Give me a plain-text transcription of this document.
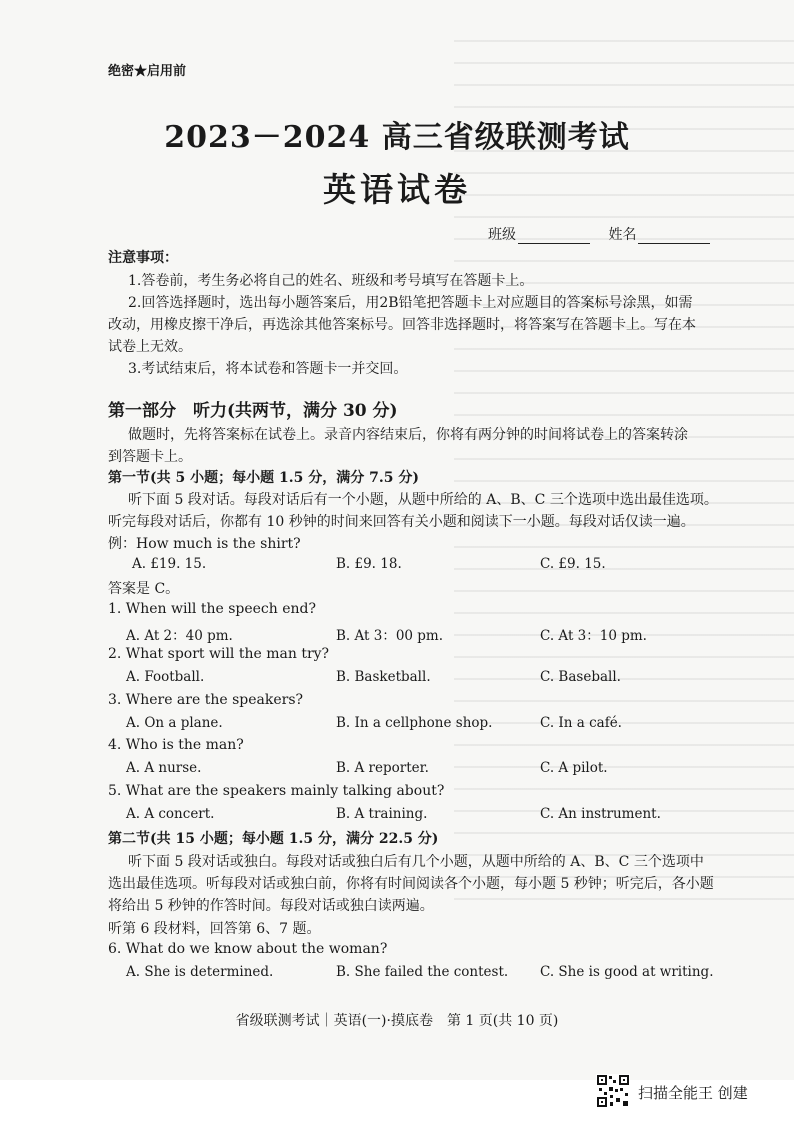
绝密★启用前
2023－2024 高三省级联测考试
英语试卷
班级	姓名
注意事项：
1.答卷前，考生务必将自己的姓名、班级和考号填写在答题卡上。
2.回答选择题时，选出每小题答案后，用2B铅笔把答题卡上对应题目的答案标号涂黑，如需
改动，用橡皮擦干净后，再选涂其他答案标号。回答非选择题时，将答案写在答题卡上。写在本
试卷上无效。
3.考试结束后，将本试卷和答题卡一并交回。
第一部分　听力(共两节，满分 30 分)
做题时，先将答案标在试卷上。录音内容结束后，你将有两分钟的时间将试卷上的答案转涂
到答题卡上。
第一节(共 5 小题；每小题 1.5 分，满分 7.5 分)
听下面 5 段对话。每段对话后有一个小题，从题中所给的 A、B、C 三个选项中选出最佳选项。
听完每段对话后，你都有 10 秒钟的时间来回答有关小题和阅读下一小题。每段对话仅读一遍。
例：How much is the shirt?
A. £19. 15.	B. £9. 18.	C. £9. 15.
答案是 C。
1. When will the speech end?
A. At 2：40 pm.	B. At 3：00 pm.	C. At 3：10 pm.
2. What sport will the man try?
A. Football.	B. Basketball.	C. Baseball.
3. Where are the speakers?
A. On a plane.	B. In a cellphone shop.	C. In a café.
4. Who is the man?
A. A nurse.	B. A reporter.	C. A pilot.
5. What are the speakers mainly talking about?
A. A concert.	B. A training.	C. An instrument.
第二节(共 15 小题；每小题 1.5 分，满分 22.5 分)
听下面 5 段对话或独白。每段对话或独白后有几个小题，从题中所给的 A、B、C 三个选项中
选出最佳选项。听每段对话或独白前，你将有时间阅读各个小题，每小题 5 秒钟；听完后，各小题
将给出 5 秒钟的作答时间。每段对话或独白读两遍。
听第 6 段材料，回答第 6、7 题。
6. What do we know about the woman?
A. She is determined.	B. She failed the contest. C. She is good at writing.
省级联测考试｜英语(一)·摸底卷　第 1 页(共 10 页)
扫描全能王 创建
